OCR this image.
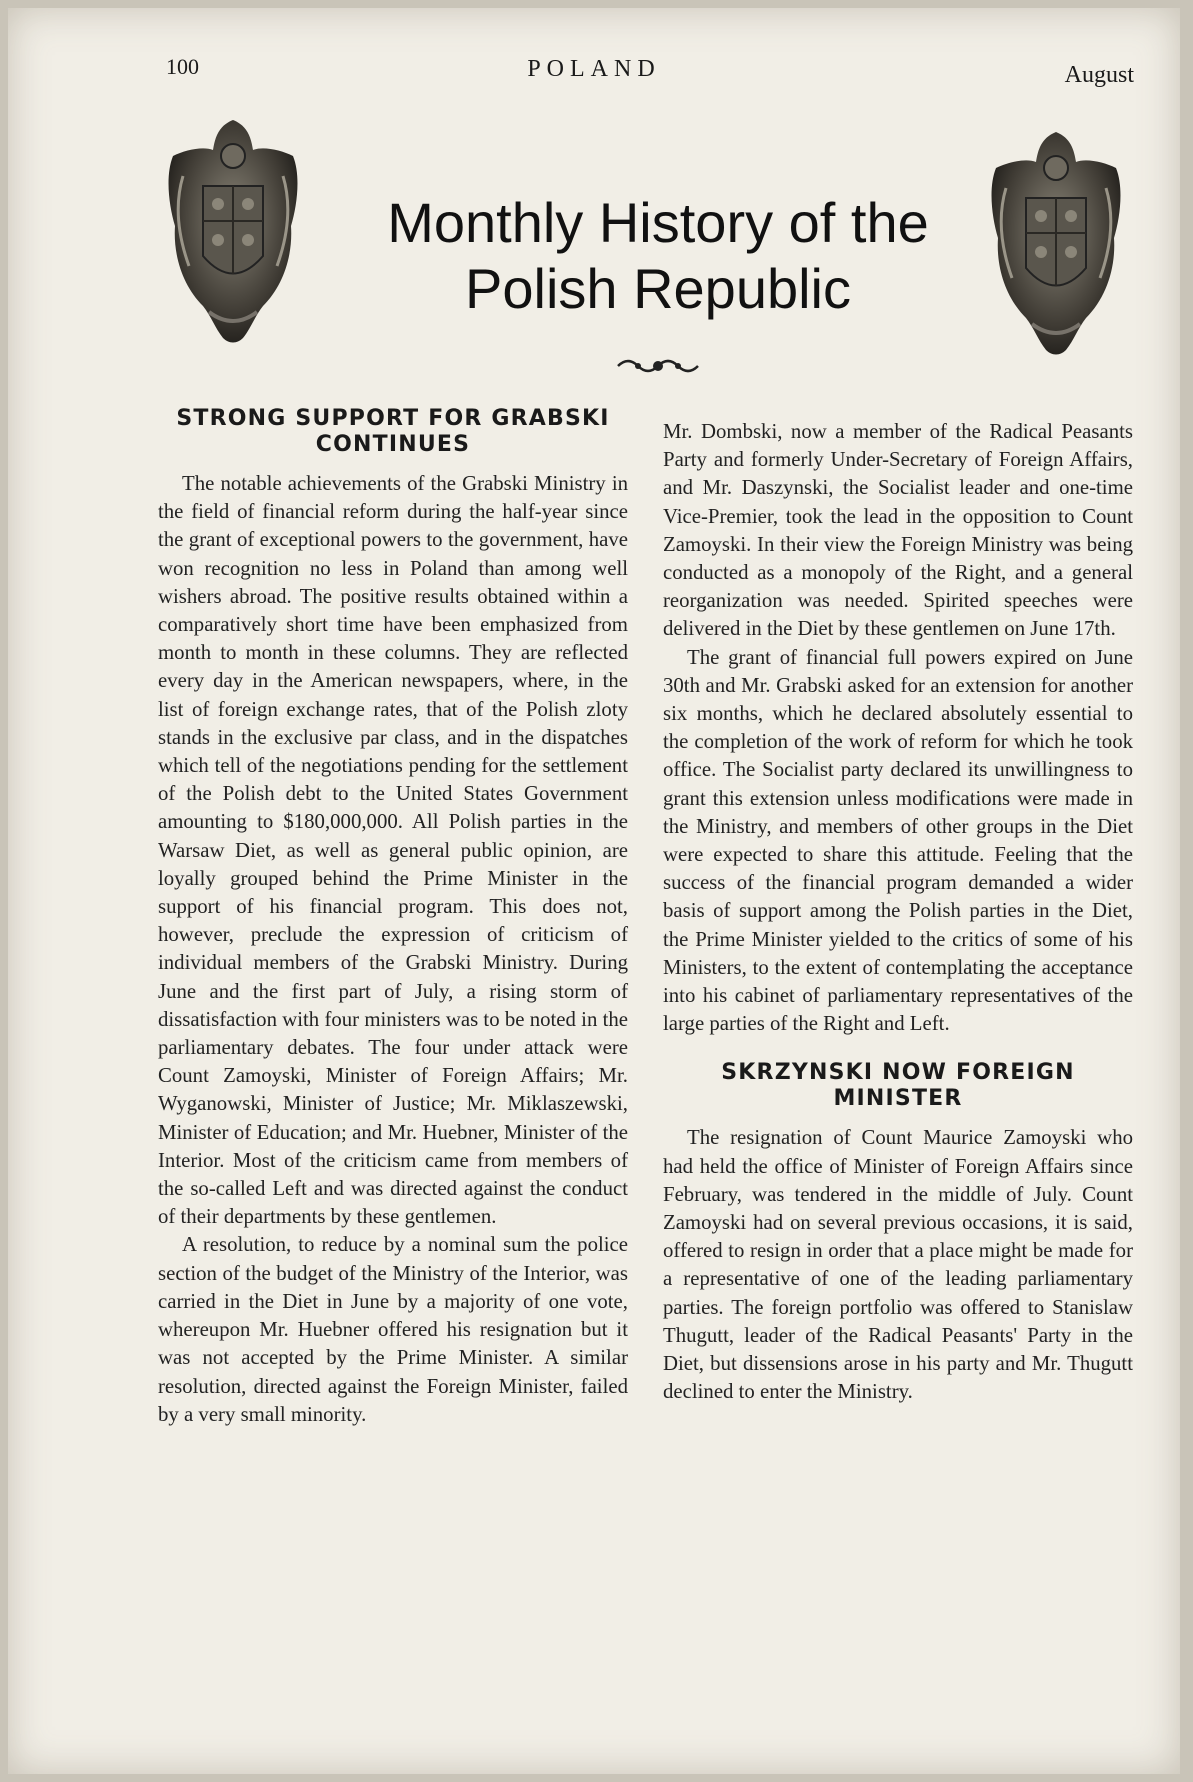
100	POLAND	August
Monthly History of the
Polish Republic
STRONG SUPPORT FOR GRABSKI CONTINUES

The notable achievements of the Grabski Ministry in the field of financial reform during the half-year since the grant of exceptional powers to the government, have won recognition no less in Poland than among well wishers abroad. The positive results obtained within a comparatively short time have been emphasized from month to month in these columns. They are reflected every day in the American newspapers, where, in the list of foreign exchange rates, that of the Polish zloty stands in the exclusive par class, and in the dispatches which tell of the negotiations pending for the settlement of the Polish debt to the United States Government amounting to $180,000,000. All Polish parties in the Warsaw Diet, as well as general public opinion, are loyally grouped behind the Prime Minister in the support of his financial program. This does not, however, preclude the expression of criticism of individual members of the Grabski Ministry. During June and the first part of July, a rising storm of dissatisfaction with four ministers was to be noted in the parliamentary debates. The four under attack were Count Zamoyski, Minister of Foreign Affairs; Mr. Wyganowski, Minister of Justice; Mr. Miklaszewski, Minister of Education; and Mr. Huebner, Minister of the Interior. Most of the criticism came from members of the so-called Left and was directed against the conduct of their departments by these gentlemen.

A resolution, to reduce by a nominal sum the police section of the budget of the Ministry of the Interior, was carried in the Diet in June by a majority of one vote, whereupon Mr. Huebner offered his resignation but it was not accepted by the Prime Minister. A similar resolution, directed against the Foreign Minister, failed by a very small minority.

Mr. Dombski, now a member of the Radical Peasants Party and formerly Under-Secretary of Foreign Affairs, and Mr. Daszynski, the Socialist leader and one-time Vice-Premier, took the lead in the opposition to Count Zamoyski. In their view the Foreign Ministry was being conducted as a monopoly of the Right, and a general reorganization was needed. Spirited speeches were delivered in the Diet by these gentlemen on June 17th.

The grant of financial full powers expired on June 30th and Mr. Grabski asked for an extension for another six months, which he declared absolutely essential to the completion of the work of reform for which he took office. The Socialist party declared its unwillingness to grant this extension unless modifications were made in the Ministry, and members of other groups in the Diet were expected to share this attitude. Feeling that the success of the financial program demanded a wider basis of support among the Polish parties in the Diet, the Prime Minister yielded to the critics of some of his Ministers, to the extent of contemplating the acceptance into his cabinet of parliamentary representatives of the large parties of the Right and Left.

SKRZYNSKI NOW FOREIGN MINISTER

The resignation of Count Maurice Zamoyski who had held the office of Minister of Foreign Affairs since February, was tendered in the middle of July. Count Zamoyski had on several previous occasions, it is said, offered to resign in order that a place might be made for a representative of one of the leading parliamentary parties. The foreign portfolio was offered to Stanislaw Thugutt, leader of the Radical Peasants' Party in the Diet, but dissensions arose in his party and Mr. Thugutt declined to enter the Ministry.
